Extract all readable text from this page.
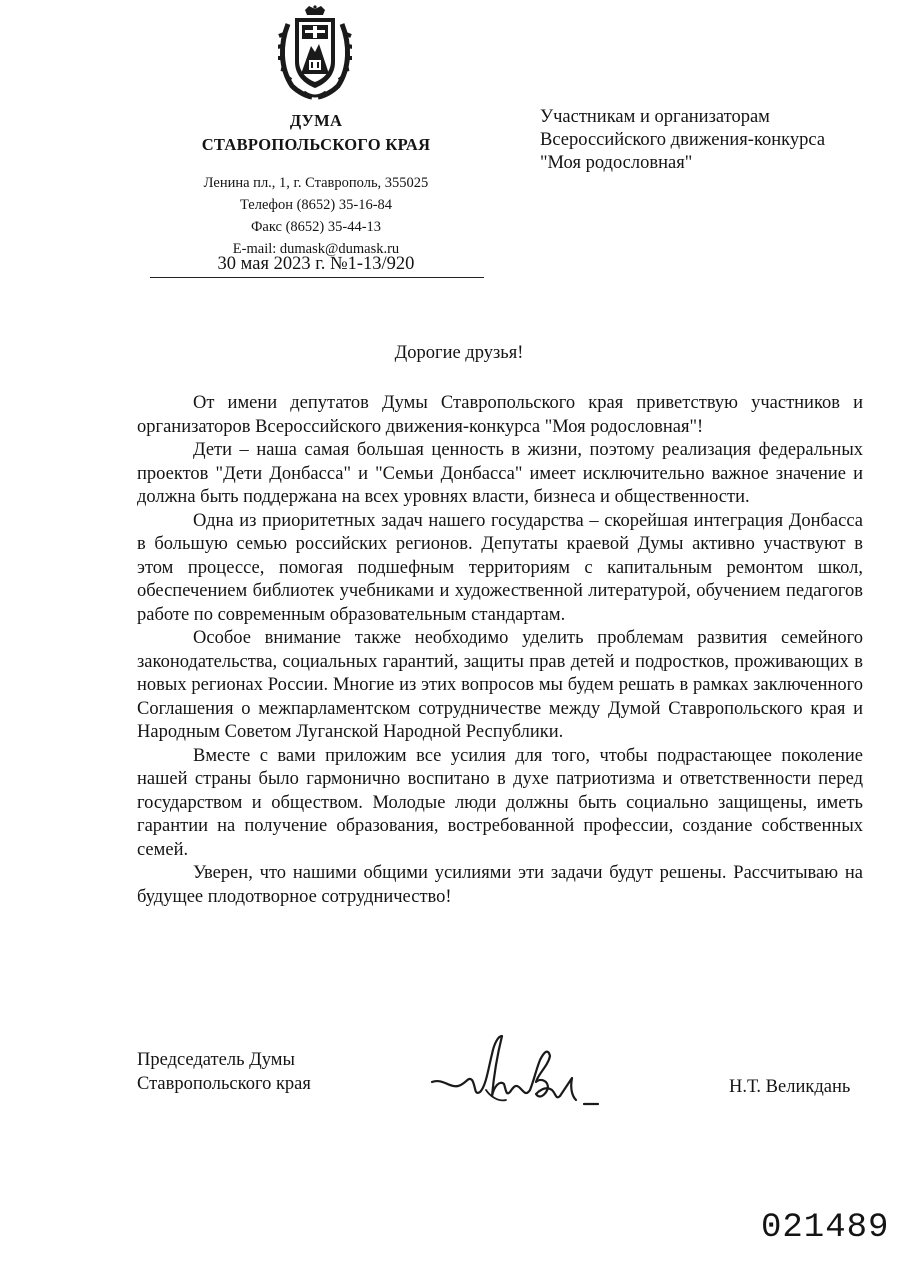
ДУМА
СТАВРОПОЛЬСКОГО КРАЯ
Ленина пл., 1, г. Ставрополь, 355025
Телефон (8652) 35-16-84
Факс (8652) 35-44-13
E-mail: dumask@dumask.ru
30 мая 2023 г. №1-13/920
Участникам и организаторам
Всероссийского движения-конкурса
"Моя родословная"
Дорогие друзья!

От имени депутатов Думы Ставропольского края приветствую участников и организаторов Всероссийского движения-конкурса "Моя родословная"!

Дети – наша самая большая ценность в жизни, поэтому реализация федеральных проектов "Дети Донбасса" и "Семьи Донбасса" имеет исключительно важное значение и должна быть поддержана на всех уровнях власти, бизнеса и общественности.

Одна из приоритетных задач нашего государства – скорейшая интеграция Донбасса в большую семью российских регионов. Депутаты краевой Думы активно участвуют в этом процессе, помогая подшефным территориям с капитальным ремонтом школ, обеспечением библиотек учебниками и художественной литературой, обучением педагогов работе по современным образовательным стандартам.

Особое внимание также необходимо уделить проблемам развития семейного законодательства, социальных гарантий, защиты прав детей и подростков, проживающих в новых регионах России. Многие из этих вопросов мы будем решать в рамках заключенного Соглашения о межпарламентском сотрудничестве между Думой Ставропольского края и Народным Советом Луганской Народной Республики.

Вместе с вами приложим все усилия для того, чтобы подрастающее поколение нашей страны было гармонично воспитано в духе патриотизма и ответственности перед государством и обществом. Молодые люди должны быть социально защищены, иметь гарантии на получение образования, востребованной профессии, создание собственных семей.

Уверен, что нашими общими усилиями эти задачи будут решены. Рассчитываю на будущее плодотворное сотрудничество!

Председатель Думы
Ставропольского края	Н.Т. Великдань
021489
